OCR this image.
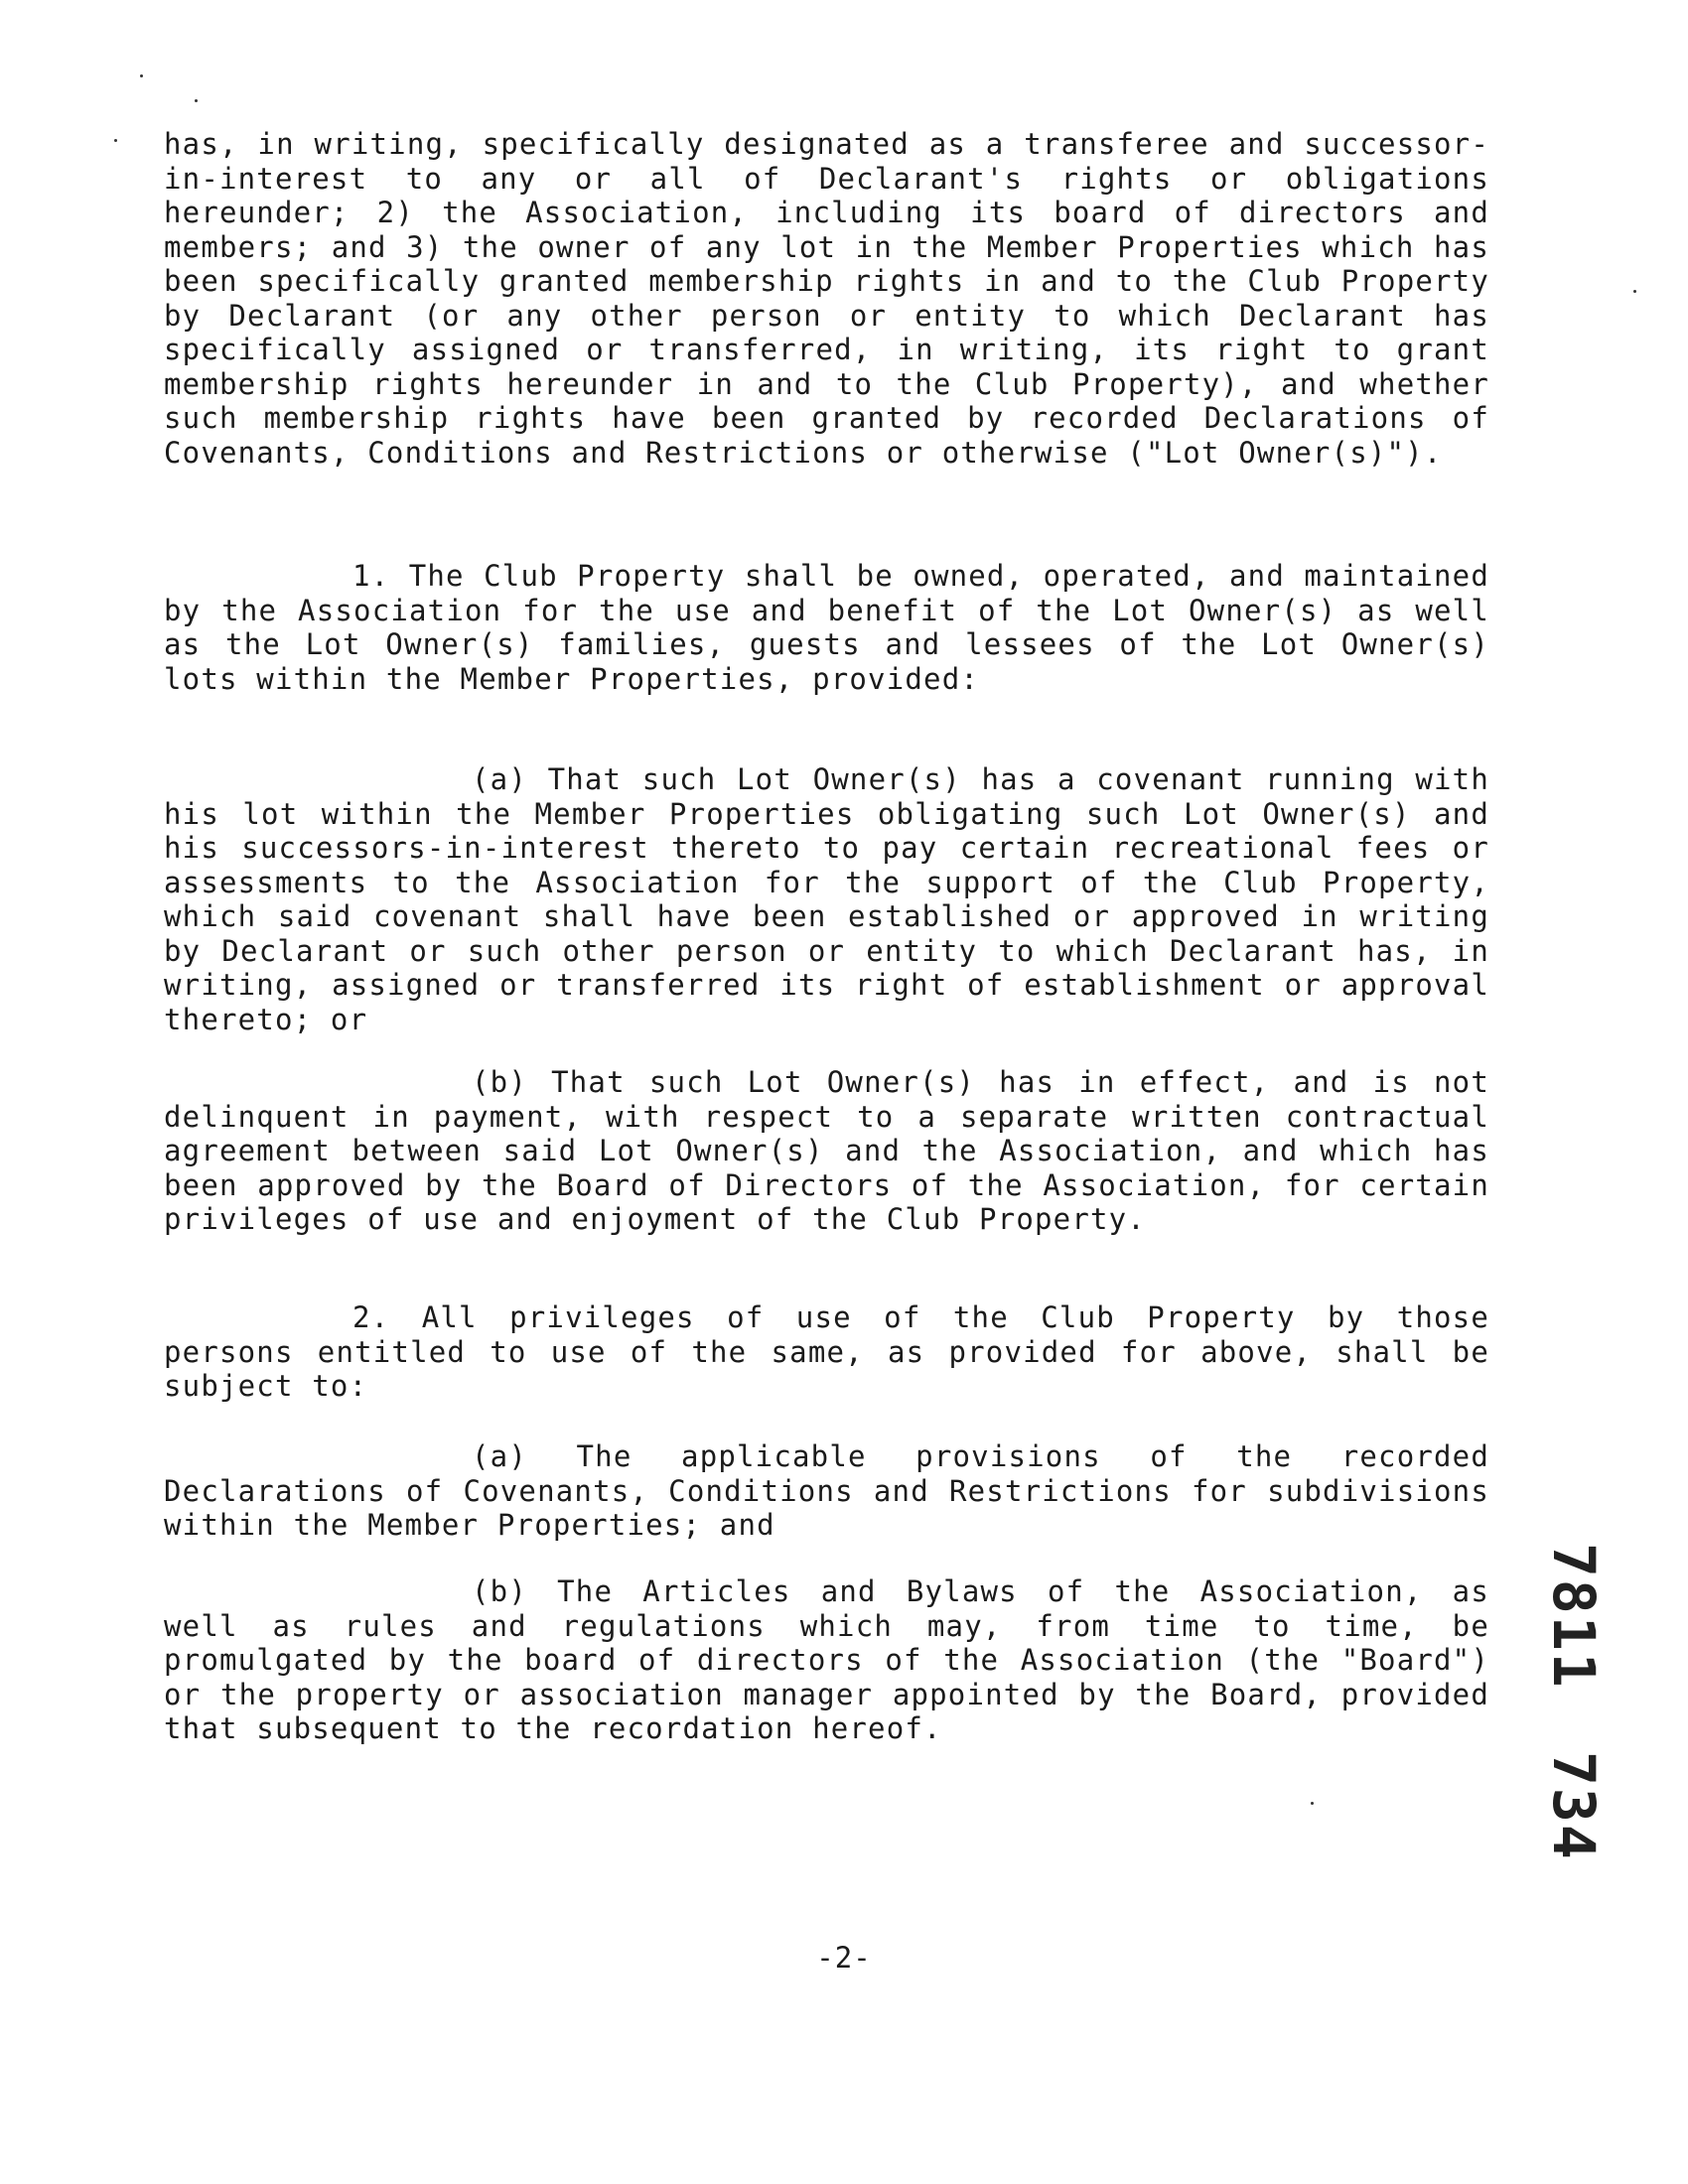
has, in writing, specifically designated as a transferee and successor-in-interest to any or all of Declarant's rights or obligations hereunder; 2) the Association, including its board of directors and members; and 3) the owner of any lot in the Member Properties which has been specifically granted membership rights in and to the Club Property by Declarant (or any other person or entity to which Declarant has specifically assigned or transferred, in writing, its right to grant membership rights hereunder in and to the Club Property), and whether such membership rights have been granted by recorded Declarations of Covenants, Conditions and Restrictions or otherwise ("Lot Owner(s)").

1. The Club Property shall be owned, operated, and maintained by the Association for the use and benefit of the Lot Owner(s) as well as the Lot Owner(s) families, guests and lessees of the Lot Owner(s) lots within the Member Properties, provided:

(a) That such Lot Owner(s) has a covenant running with his lot within the Member Properties obligating such Lot Owner(s) and his successors-in-interest thereto to pay certain recreational fees or assessments to the Association for the support of the Club Property, which said covenant shall have been established or approved in writing by Declarant or such other person or entity to which Declarant has, in writing, assigned or transferred its right of establishment or approval thereto; or

(b) That such Lot Owner(s) has in effect, and is not delinquent in payment, with respect to a separate written contractual agreement between said Lot Owner(s) and the Association, and which has been approved by the Board of Directors of the Association, for certain privileges of use and enjoyment of the Club Property.

2. All privileges of use of the Club Property by those persons entitled to use of the same, as provided for above, shall be subject to:

(a) The applicable provisions of the recorded Declarations of Covenants, Conditions and Restrictions for subdivisions within the Member Properties; and

(b) The Articles and Bylaws of the Association, as well as rules and regulations which may, from time to time, be promulgated by the board of directors of the Association (the "Board") or the property or association manager appointed by the Board, provided that subsequent to the recordation hereof.

7811
734
-2-
